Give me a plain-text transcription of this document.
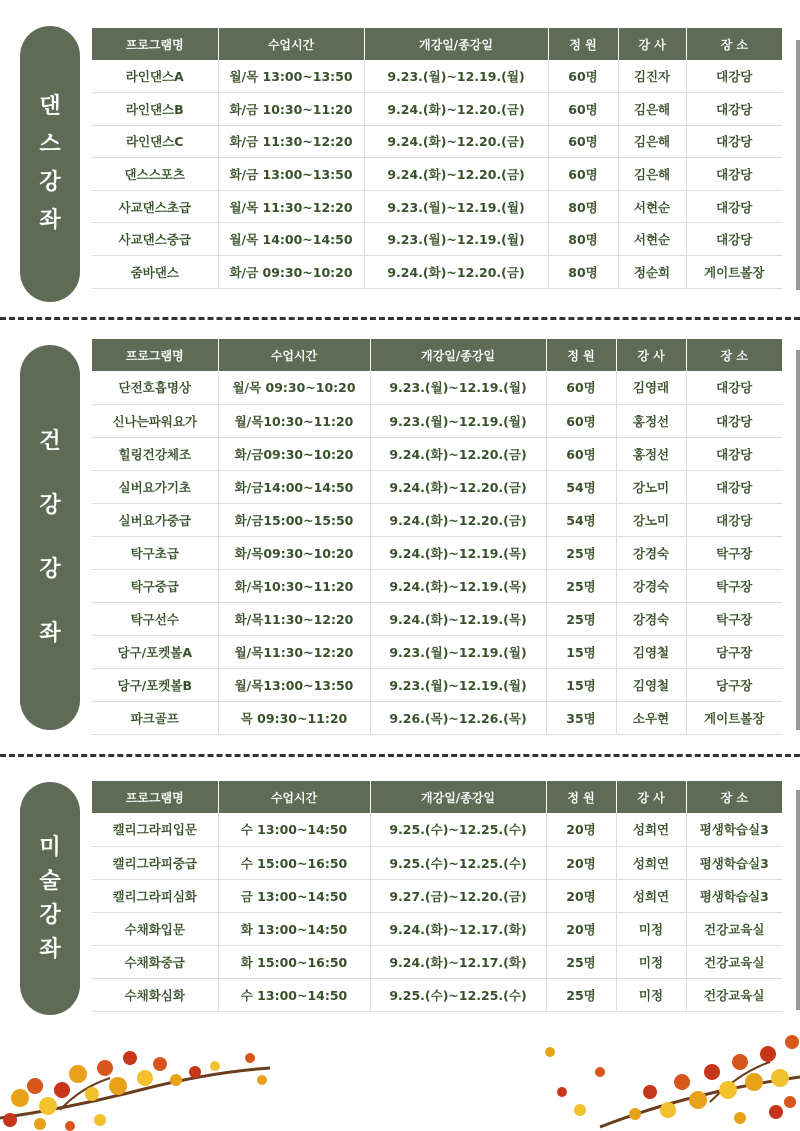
댄
스
강
좌
프로그램명	수업시간	개강일/종강일	정 원	강 사	장 소
라인댄스A	월/목 13:00~13:50	9.23.(월)~12.19.(월)	60명	김진자	대강당
라인댄스B	화/금 10:30~11:20	9.24.(화)~12.20.(금)	60명	김은해	대강당
라인댄스C	화/금 11:30~12:20	9.24.(화)~12.20.(금)	60명	김은해	대강당
댄스스포츠	화/금 13:00~13:50	9.24.(화)~12.20.(금)	60명	김은해	대강당
사교댄스초급	월/목 11:30~12:20	9.23.(월)~12.19.(월)	80명	서현순	대강당
사교댄스중급	월/목 14:00~14:50	9.23.(월)~12.19.(월)	80명	서현순	대강당
줌바댄스	화/금 09:30~10:20	9.24.(화)~12.20.(금)	80명	정순희	게이트볼장
건
강
강
좌
프로그램명	수업시간	개강일/종강일	정 원	강 사	장 소
단전호흡명상	월/목 09:30~10:20	9.23.(월)~12.19.(월)	60명	김영래	대강당
신나는파워요가	월/목10:30~11:20	9.23.(월)~12.19.(월)	60명	홍정선	대강당
힐링건강체조	화/금09:30~10:20	9.24.(화)~12.20.(금)	60명	홍정선	대강당
실버요가기초	화/금14:00~14:50	9.24.(화)~12.20.(금)	54명	강노미	대강당
실버요가중급	화/금15:00~15:50	9.24.(화)~12.20.(금)	54명	강노미	대강당
탁구초급	화/목09:30~10:20	9.24.(화)~12.19.(목)	25명	강경숙	탁구장
탁구중급	화/목10:30~11:20	9.24.(화)~12.19.(목)	25명	강경숙	탁구장
탁구선수	화/목11:30~12:20	9.24.(화)~12.19.(목)	25명	강경숙	탁구장
당구/포켓볼A	월/목11:30~12:20	9.23.(월)~12.19.(월)	15명	김영철	당구장
당구/포켓볼B	월/목13:00~13:50	9.23.(월)~12.19.(월)	15명	김영철	당구장
파크골프	목 09:30~11:20	9.26.(목)~12.26.(목)	35명	소우현	게이트볼장
미
술
강
좌
프로그램명	수업시간	개강일/종강일	정 원	강 사	장 소
캘리그라피입문	수 13:00~14:50	9.25.(수)~12.25.(수)	20명	성희연	평생학습실3
캘리그라피중급	수 15:00~16:50	9.25.(수)~12.25.(수)	20명	성희연	평생학습실3
캘리그라피심화	금 13:00~14:50	9.27.(금)~12.20.(금)	20명	성희연	평생학습실3
수채화입문	화 13:00~14:50	9.24.(화)~12.17.(화)	20명	미정	건강교육실
수채화중급	화 15:00~16:50	9.24.(화)~12.17.(화)	25명	미정	건강교육실
수채화심화	수 13:00~14:50	9.25.(수)~12.25.(수)	25명	미정	건강교육실
